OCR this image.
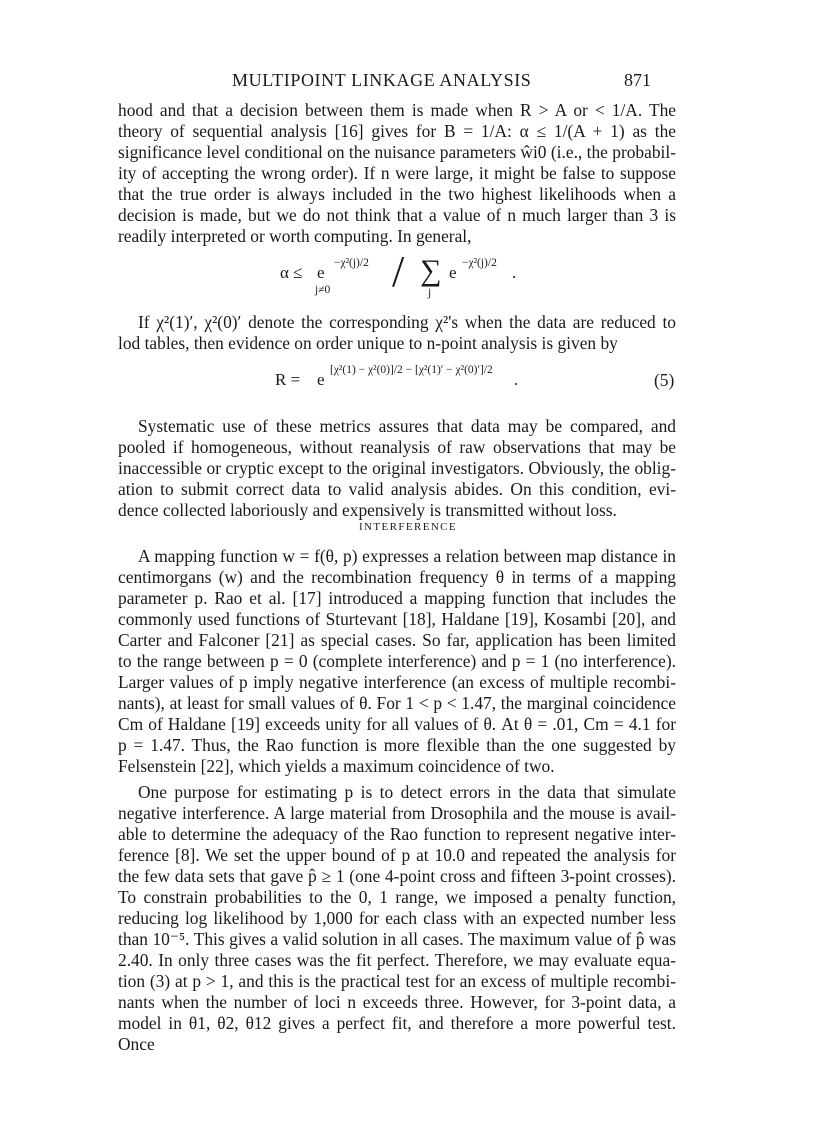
MULTIPOINT LINKAGE ANALYSIS	871
hood and that a decision between them is made when R > A or < 1/A. The
theory of sequential analysis [16] gives for B = 1/A: α ≤ 1/(A + 1) as the
significance level conditional on the nuisance parameters ŵi0 (i.e., the probabil-
ity of accepting the wrong order). If n were large, it might be false to suppose
that the true order is always included in the two highest likelihoods when a
decision is made, but we do not think that a value of n much larger than 3 is
readily interpreted or worth computing. In general,
α ≤ e −χ²(j)/2
j≠0 / ∑
j
e −χ²(j)/2 .
If χ²(1)′, χ²(0)′ denote the corresponding χ²'s when the data are reduced to
lod tables, then evidence on order unique to n-point analysis is given by
R = e [χ²(1) − χ²(0)]/2 − [χ²(1)′ − χ²(0)′]/2 .	(5)
Systematic use of these metrics assures that data may be compared, and
pooled if homogeneous, without reanalysis of raw observations that may be
inaccessible or cryptic except to the original investigators. Obviously, the oblig-
ation to submit correct data to valid analysis abides. On this condition, evi-
dence collected laboriously and expensively is transmitted without loss.
INTERFERENCE
A mapping function w = f(θ, p) expresses a relation between map distance in
centimorgans (w) and the recombination frequency θ in terms of a mapping
parameter p. Rao et al. [17] introduced a mapping function that includes the
commonly used functions of Sturtevant [18], Haldane [19], Kosambi [20], and
Carter and Falconer [21] as special cases. So far, application has been limited
to the range between p = 0 (complete interference) and p = 1 (no interference).
Larger values of p imply negative interference (an excess of multiple recombi-
nants), at least for small values of θ. For 1 < p < 1.47, the marginal coincidence
Cm of Haldane [19] exceeds unity for all values of θ. At θ = .01, Cm = 4.1 for
p = 1.47. Thus, the Rao function is more flexible than the one suggested by
Felsenstein [22], which yields a maximum coincidence of two.
One purpose for estimating p is to detect errors in the data that simulate
negative interference. A large material from Drosophila and the mouse is avail-
able to determine the adequacy of the Rao function to represent negative inter-
ference [8]. We set the upper bound of p at 10.0 and repeated the analysis for
the few data sets that gave p̂ ≥ 1 (one 4-point cross and fifteen 3-point crosses).
To constrain probabilities to the 0, 1 range, we imposed a penalty function,
reducing log likelihood by 1,000 for each class with an expected number less
than 10⁻⁵. This gives a valid solution in all cases. The maximum value of p̂ was
2.40. In only three cases was the fit perfect. Therefore, we may evaluate equa-
tion (3) at p > 1, and this is the practical test for an excess of multiple recombi-
nants when the number of loci n exceeds three. However, for 3-point data, a
model in θ1, θ2, θ12 gives a perfect fit, and therefore a more powerful test. Once
